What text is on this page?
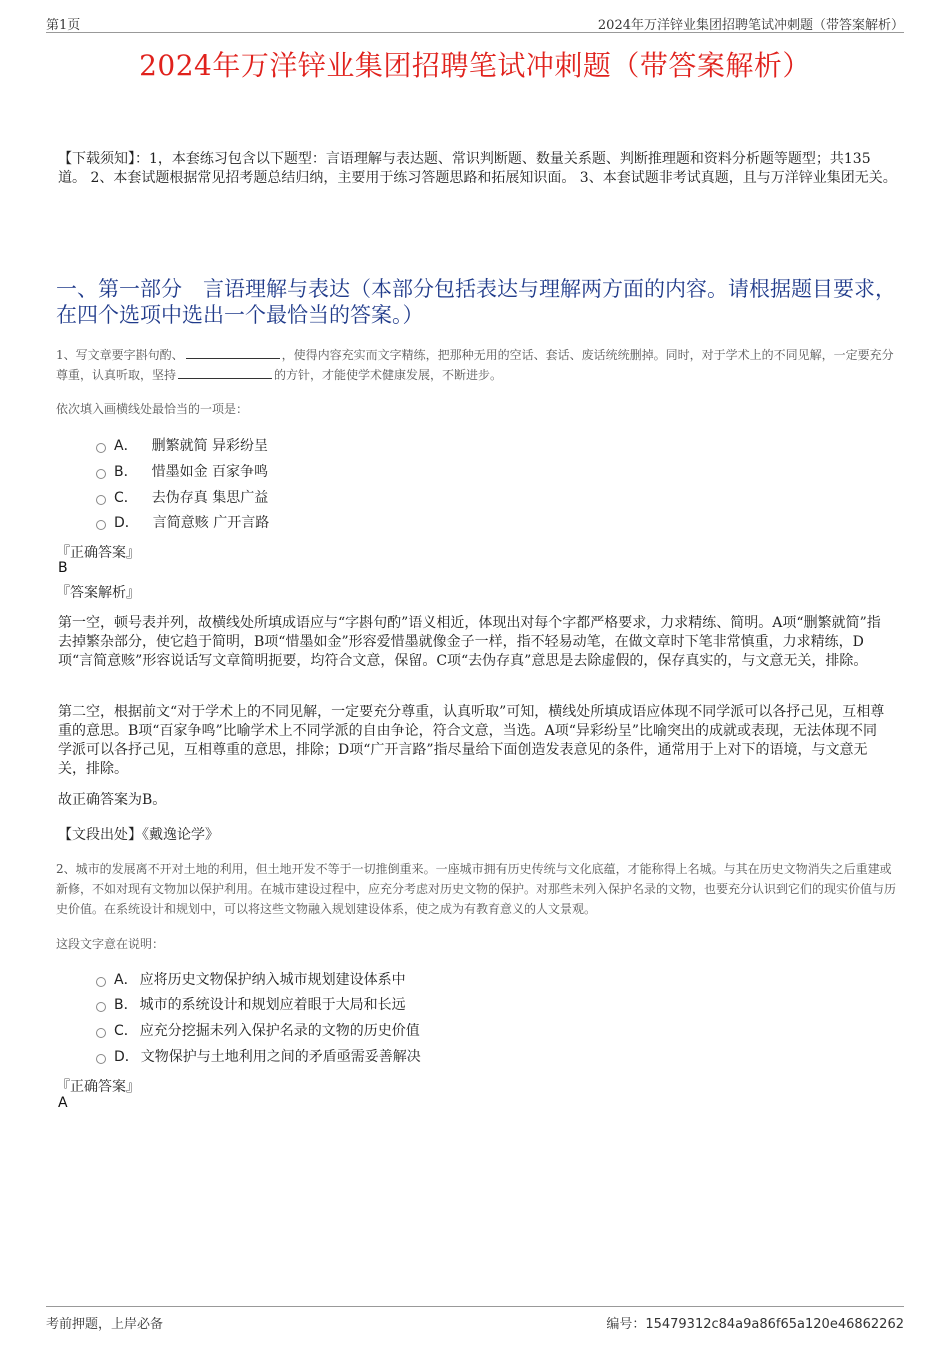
第1页	2024年万洋锌业集团招聘笔试冲刺题（带答案解析）
2024年万洋锌业集团招聘笔试冲刺题（带答案解析）
【下载须知】：1，本套练习包含以下题型：言语理解与表达题、常识判断题、数量关系题、判断推理题和资料分析题等题型；共135道。 2、本套试题根据常见招考题总结归纳，主要用于练习答题思路和拓展知识面。 3、本套试题非考试真题，且与万洋锌业集团无关。
一、第一部分　言语理解与表达（本部分包括表达与理解两方面的内容。请根据题目要求，在四个选项中选出一个最恰当的答案。）
1、写文章要字斟句酌、	，使得内容充实而文字精练，把那种无用的空话、套话、废话统统删掉。同时，对于学术上的不同见解，一定要充分尊重，认真听取，坚持	的方针，才能使学术健康发展，不断进步。
依次填入画横线处最恰当的一项是：
A． 删繁就简 异彩纷呈
B． 惜墨如金 百家争鸣
C． 去伪存真 集思广益
D． 言简意赅 广开言路
『正确答案』
B
『答案解析』
第一空，顿号表并列，故横线处所填成语应与“字斟句酌”语义相近，体现出对每个字都严格要求，力求精练、简明。A项“删繁就简”指去掉繁杂部分，使它趋于简明，B项“惜墨如金”形容爱惜墨就像金子一样，指不轻易动笔，在做文章时下笔非常慎重，力求精练，D项“言简意赅”形容说话写文章简明扼要，均符合文意，保留。C项“去伪存真”意思是去除虚假的，保存真实的，与文意无关，排除。
第二空，根据前文“对于学术上的不同见解，一定要充分尊重，认真听取”可知，横线处所填成语应体现不同学派可以各抒己见，互相尊重的意思。B项“百家争鸣”比喻学术上不同学派的自由争论，符合文意，当选。A项“异彩纷呈”比喻突出的成就或表现，无法体现不同学派可以各抒己见，互相尊重的意思，排除；D项“广开言路”指尽量给下面创造发表意见的条件，通常用于上对下的语境，与文意无关，排除。
故正确答案为B。
【文段出处】《戴逸论学》
2、城市的发展离不开对土地的利用，但土地开发不等于一切推倒重来。一座城市拥有历史传统与文化底蕴，才能称得上名城。与其在历史文物消失之后重建或新修，不如对现有文物加以保护利用。在城市建设过程中，应充分考虑对历史文物的保护。对那些未列入保护名录的文物，也要充分认识到它们的现实价值与历史价值。在系统设计和规划中，可以将这些文物融入规划建设体系，使之成为有教育意义的人文景观。
这段文字意在说明：
A． 应将历史文物保护纳入城市规划建设体系中
B． 城市的系统设计和规划应着眼于大局和长远
C． 应充分挖掘未列入保护名录的文物的历史价值
D． 文物保护与土地利用之间的矛盾亟需妥善解决
『正确答案』
A
考前押题，上岸必备	编号：15479312c84a9a86f65a120e46862262
